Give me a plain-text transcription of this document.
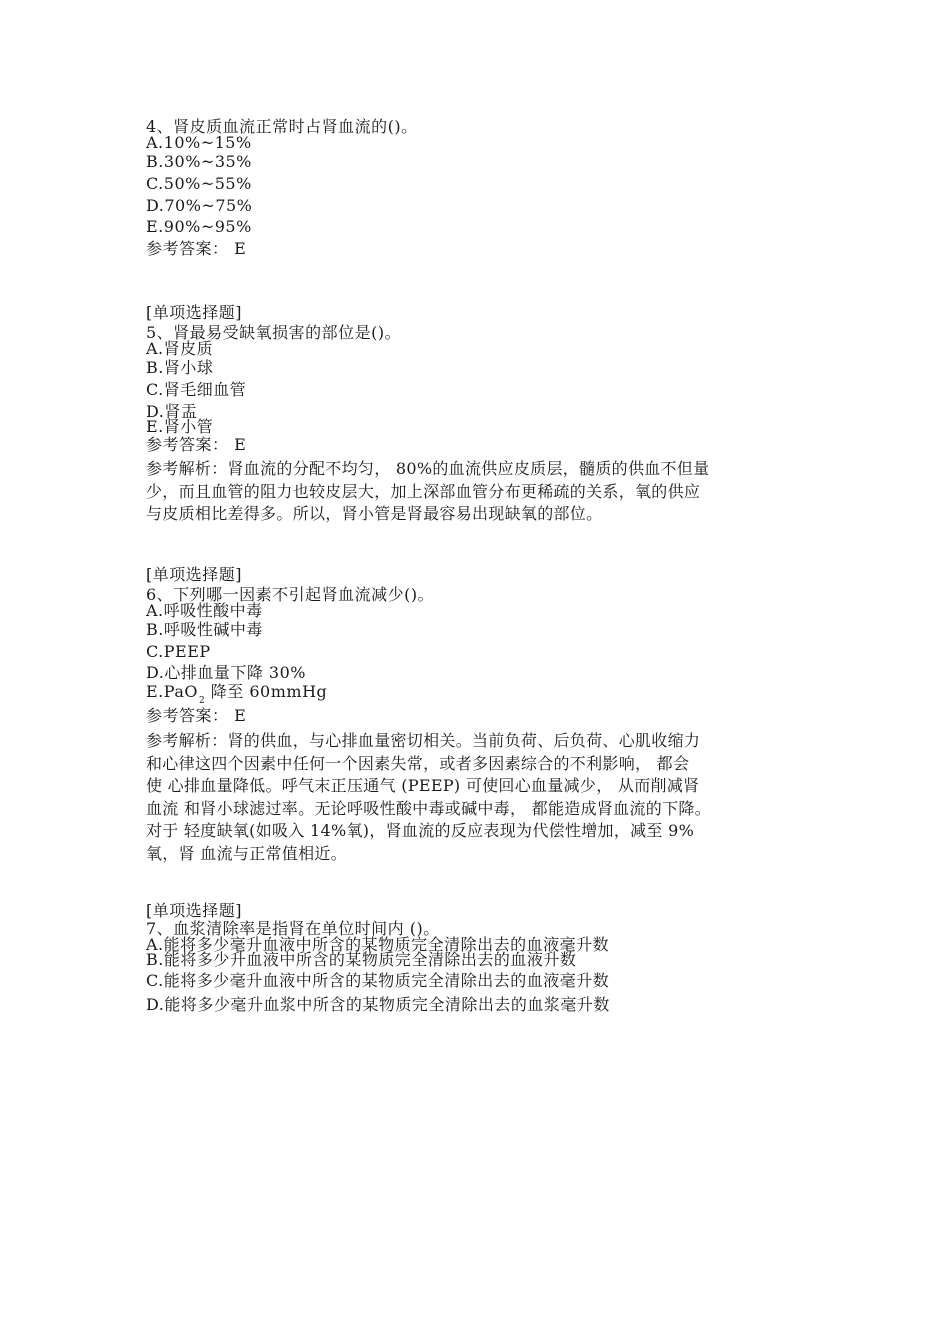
4、肾皮质血流正常时占肾血流的()。
A.10%~15%
B.30%~35%
C.50%~55%
D.70%~75%
E.90%~95%
参考答案： E
[单项选择题]
5、肾最易受缺氧损害的部位是()。
A.肾皮质
B.肾小球
C.肾毛细血管
D.肾盂
E.肾小管
参考答案： E
参考解析：肾血流的分配不均匀， 80%的血流供应皮质层，髓质的供血不但量
少，而且血管的阻力也较皮层大，加上深部血管分布更稀疏的关系，氧的供应
与皮质相比差得多。所以，肾小管是肾最容易出现缺氧的部位。
[单项选择题]
6、下列哪一因素不引起肾血流减少()。
A.呼吸性酸中毒
B.呼吸性碱中毒
C.PEEP
D.心排血量下降 30%
E.PaO$_2$ 降至 60mmHg
参考答案： E
参考解析：肾的供血，与心排血量密切相关。当前负荷、后负荷、心肌收缩力
和心律这四个因素中任何一个因素失常，或者多因素综合的不利影响， 都会
使 心排血量降低。呼气末正压通气 (PEEP) 可使回心血量减少， 从而削减肾
血流 和肾小球滤过率。无论呼吸性酸中毒或碱中毒， 都能造成肾血流的下降。
对于 轻度缺氧(如吸入 14%氧)，肾血流的反应表现为代偿性增加，减至 9%
氧，肾 血流与正常值相近。
[单项选择题]
7、血浆清除率是指肾在单位时间内 ()。
A.能将多少毫升血液中所含的某物质完全清除出去的血液毫升数
B.能将多少升血液中所含的某物质完全清除出去的血液升数
C.能将多少毫升血液中所含的某物质完全清除出去的血液毫升数
D.能将多少毫升血浆中所含的某物质完全清除出去的血浆毫升数
